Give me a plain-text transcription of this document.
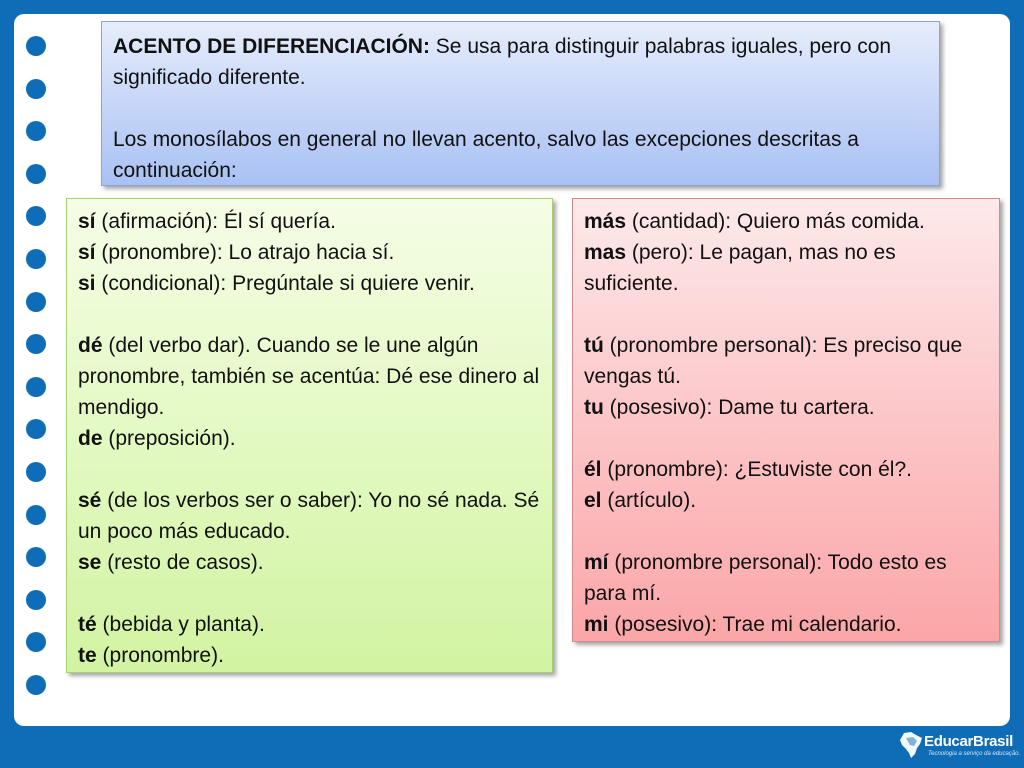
ACENTO DE DIFERENCIACIÓN: Se usa para distinguir palabras iguales, pero con significado diferente.

Los monosílabos en general no llevan acento, salvo las excepciones descritas a continuación:

sí (afirmación): Él sí quería.

sí (pronombre): Lo atrajo hacia sí.

si (condicional): Pregúntale si quiere venir.

dé (del verbo dar). Cuando se le une algún pronombre, también se acentúa: Dé ese dinero al mendigo.

de (preposición).

sé (de los verbos ser o saber): Yo no sé nada. Sé un poco más educado.

se (resto de casos).

té (bebida y planta).

te (pronombre).

más (cantidad): Quiero más comida.

mas (pero): Le pagan, mas no es suficiente.

tú (pronombre personal): Es preciso que vengas tú.

tu (posesivo): Dame tu cartera.

él (pronombre): ¿Estuviste con él?.

el (artículo).

mí (pronombre personal): Todo esto es para mí.

mi (posesivo): Trae mi calendario.

EducarBrasil
Tecnologia a serviço da educação.
